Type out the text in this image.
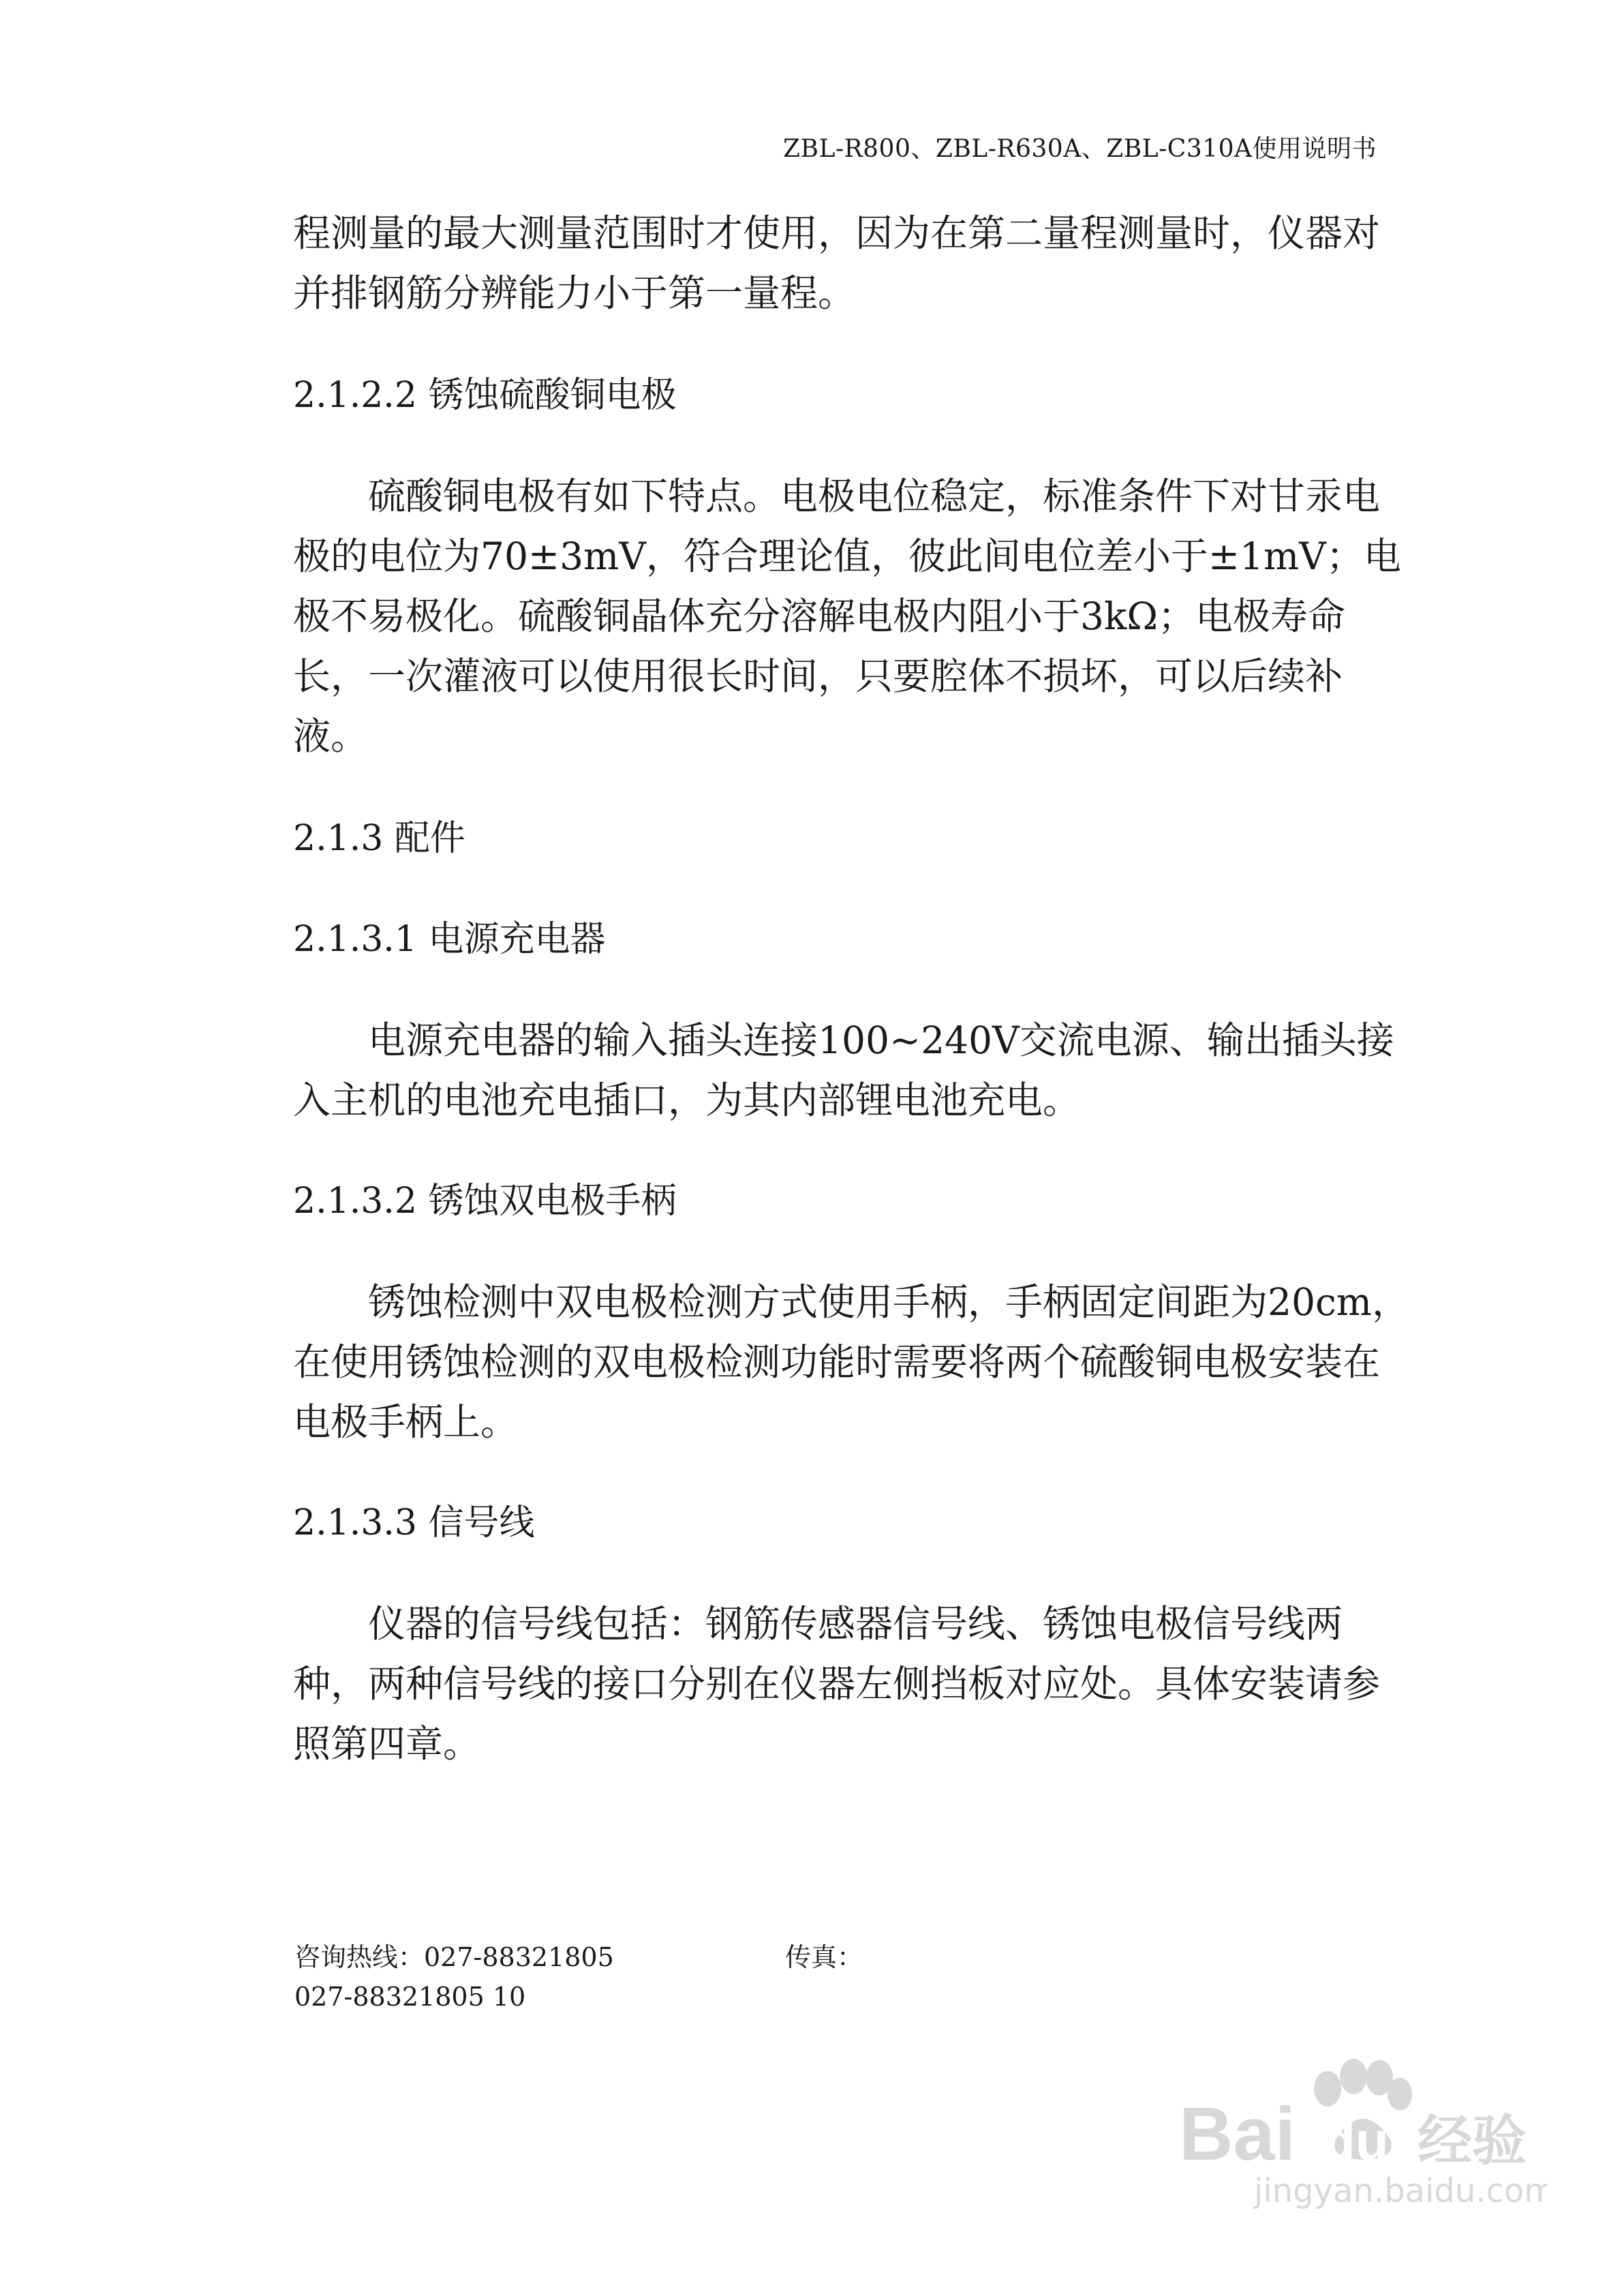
ZBL-R800、ZBL-R630A、ZBL-C310A使用说明书

程测量的最大测量范围时才使用，因为在第二量程测量时，仪器对并排钢筋分辨能力小于第一量程。

2.1.2.2 锈蚀硫酸铜电极

硫酸铜电极有如下特点。电极电位稳定，标准条件下对甘汞电极的电位为70±3mV，符合理论值，彼此间电位差小于±1mV；电极不易极化。硫酸铜晶体充分溶解电极内阻小于3kΩ；电极寿命长，一次灌液可以使用很长时间，只要腔体不损坏，可以后续补液。

2.1.3 配件

2.1.3.1 电源充电器

电源充电器的输入插头连接100~240V交流电源、输出插头接入主机的电池充电插口，为其内部锂电池充电。

2.1.3.2 锈蚀双电极手柄

锈蚀检测中双电极检测方式使用手柄，手柄固定间距为20cm，在使用锈蚀检测的双电极检测功能时需要将两个硫酸铜电极安装在电极手柄上。

2.1.3.3 信号线

仪器的信号线包括：钢筋传感器信号线、锈蚀电极信号线两种，两种信号线的接口分别在仪器左侧挡板对应处。具体安装请参照第四章。

咨询热线：027-88321805	传真：
027-88321805 10
Bai du 经验
jingyan.baidu.com
